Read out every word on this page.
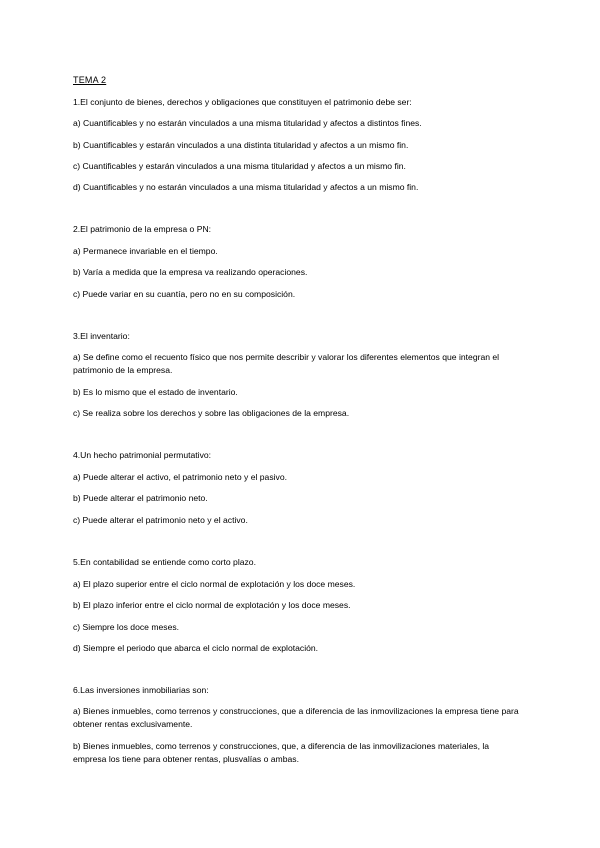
TEMA 2
1.El conjunto de bienes, derechos y obligaciones que constituyen el patrimonio debe ser:
a) Cuantificables y no estarán vinculados a una misma titularidad y afectos a distintos fines.
b) Cuantificables y estarán vinculados a una distinta titularidad y afectos a un mismo fin.
c) Cuantificables y estarán vinculados a una misma titularidad y afectos a un mismo fin.
d) Cuantificables y no estarán vinculados a una misma titularidad y afectos a un mismo fin.
2.El patrimonio de la empresa o PN:
a) Permanece invariable en el tiempo.
b) Varía a medida que la empresa va realizando operaciones.
c) Puede variar en su cuantía, pero no en su composición.
3.El inventario:
a) Se define como el recuento físico que nos permite describir y valorar los diferentes elementos que integran el patrimonio de la empresa.
b) Es lo mismo que el estado de inventario.
c) Se realiza sobre los derechos y sobre las obligaciones de la empresa.
4.Un hecho patrimonial permutativo:
a) Puede alterar el activo, el patrimonio neto y el pasivo.
b) Puede alterar el patrimonio neto.
c) Puede alterar el patrimonio neto y el activo.
5.En contabilidad se entiende como corto plazo.
a) El plazo superior entre el ciclo normal de explotación y los doce meses.
b) El plazo inferior entre el ciclo normal de explotación y los doce meses.
c) Siempre los doce meses.
d) Siempre el periodo que abarca el ciclo normal de explotación.
6.Las inversiones inmobiliarias son:
a) Bienes inmuebles, como terrenos y construcciones, que a diferencia de las inmovilizaciones la empresa tiene para obtener rentas exclusivamente.
b) Bienes inmuebles, como terrenos y construcciones, que, a diferencia de las inmovilizaciones materiales, la empresa los tiene para obtener rentas, plusvalías o ambas.
